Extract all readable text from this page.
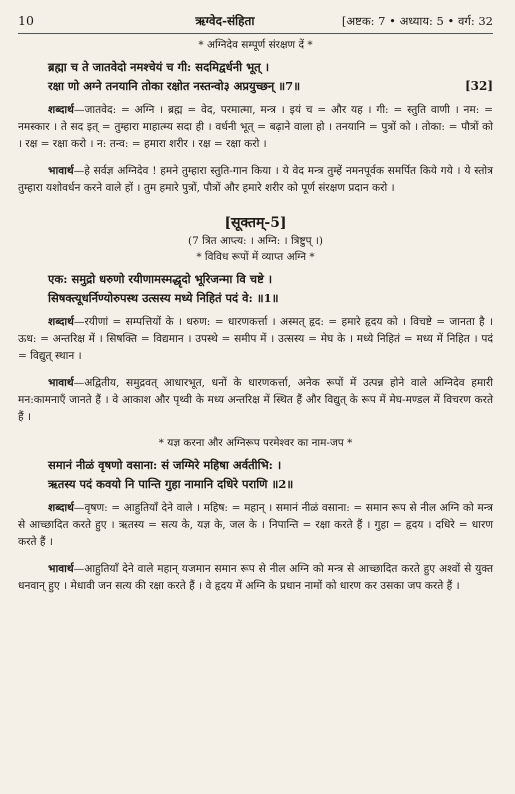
10	ऋग्वेद-संहिता	[अष्टक: 7 • अध्याय: 5 • वर्ग: 32
* अग्निदेव सम्पूर्ण संरक्षण दें *
ब्रह्मा च ते जातवेदो नमश्चेयं च गी: सदमिद्वर्धनी भूत् ।
रक्षा णो अग्ने तनयानि तोका रक्षोत नस्तन्वो३ अप्रयुच्छन् ॥7॥	[32]
शब्दार्थ—जातवेद: = अग्नि । ब्रह्म = वेद, परमात्मा, मन्त्र । इयं च = और यह । गी: = स्तुति वाणी । नम: = नमस्कार । ते सद इत् = तुम्हारा माहात्म्य सदा ही । वर्धनी भूत् = बढ़ाने वाला हो । तनयानि = पुत्रों को । तोका: = पौत्रों को । रक्ष = रक्षा करो । न: तन्व: = हमारा शरीर । रक्ष = रक्षा करो ।
भावार्थ—हे सर्वज्ञ अग्निदेव ! हमने तुम्हारा स्तुति-गान किया । ये वेद मन्त्र तुम्हें नमनपूर्वक समर्पित किये गये । ये स्तोत्र तुम्हारा यशोवर्धन करने वाले हों । तुम हमारे पुत्रों, पौत्रों और हमारे शरीर को पूर्ण संरक्षण प्रदान करो ।
[सूक्तम्-5]
(7 त्रित आप्त्य: । अग्नि: । त्रिष्टुप् ।)
* विविध रूपों में व्याप्त अग्नि *
एक: समुद्रो धरुणो रयीणामस्मद्धृदो भूरिजन्मा वि चष्टे ।
सिषक्त्यूधर्निण्योरुपस्थ उत्सस्य मध्ये निहितं पदं वे: ॥1॥
शब्दार्थ—रयीणां = सम्पत्तियों के । धरुण: = धारणकर्त्ता । अस्मत् हृद: = हमारे हृदय को । विचष्टे = जानता है । ऊध: = अन्तरिक्ष में । सिषक्ति = विद्यमान । उपस्थे = समीप में । उत्सस्य = मेघ के । मध्ये निहितं = मध्य में निहित । पदं = विद्युत् स्थान ।
भावार्थ—अद्वितीय, समुद्रवत् आधारभूत, धनों के धारणकर्त्ता, अनेक रूपों में उत्पन्न होने वाले अग्निदेव हमारी मन:कामनाएँ जानते हैं । वे आकाश और पृथ्वी के मध्य अन्तरिक्ष में स्थित हैं और विद्युत् के रूप में मेघ-मण्डल में विचरण करते हैं ।
* यज्ञ करना और अग्निरूप परमेश्वर का नाम-जप *
समानं नीळं वृषणो वसाना: सं जग्मिरे महिषा अर्वतीभि: ।
ऋतस्य पदं कवयो नि पान्ति गुहा नामानि दधिरे पराणि ॥2॥
शब्दार्थ—वृषण: = आहुतियाँ देने वाले । महिष: = महान् । समानं नीळं वसाना: = समान रूप से नील अग्नि को मन्त्र से आच्छादित करते हुए । ऋतस्य = सत्य के, यज्ञ के, जल के । निपान्ति = रक्षा करते हैं । गुहा = हृदय । दधिरे = धारण करते हैं ।
भावार्थ—आहुतियाँ देने वाले महान् यजमान समान रूप से नील अग्नि को मन्त्र से आच्छादित करते हुए अश्वों से युक्त धनवान् हुए । मेधावी जन सत्य की रक्षा करते हैं । वे हृदय में अग्नि के प्रधान नामों को धारण कर उसका जप करते हैं ।
